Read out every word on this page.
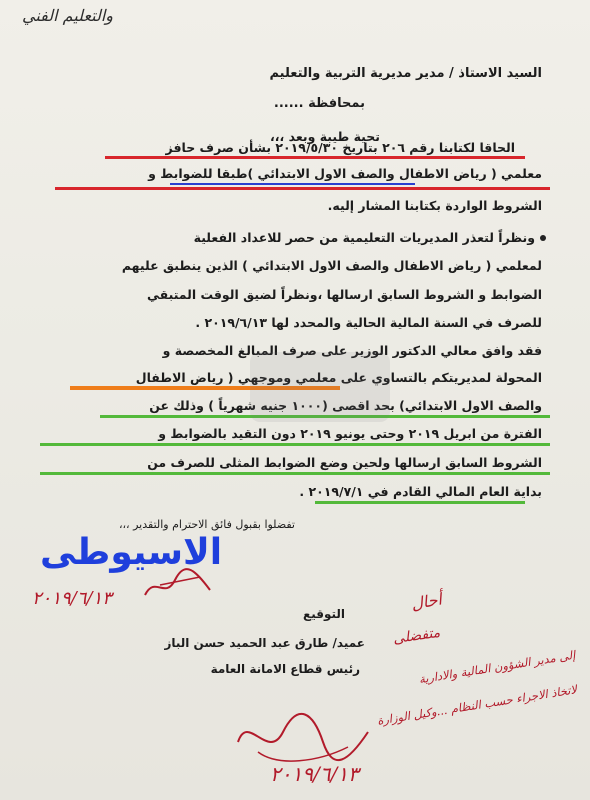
والتعليم الفني
السيد الاستاذ / مدير مديرية التربية والتعليم
بمحافظة ......
تحية طيبة وبعد ،،،
الحاقا لكتابنا رقم ٢٠٦ بتاريخ ٢٠١٩/٥/٣٠ بشأن صرف حافز
معلمي ( رياض الاطفال والصف الاول الابتدائي )طبقا للضوابط و
الشروط الواردة بكتابنا المشار إليه.
ونظراً لتعذر المديريات التعليمية من حصر للاعداد الفعلية
لمعلمي ( رياض الاطفال والصف الاول الابتدائي ) الذين ينطبق عليهم
الضوابط و الشروط السابق ارسالها ،ونظراً لضيق الوقت المتبقي
للصرف في السنة المالية الحالية والمحدد لها ٢٠١٩/٦/١٣ .
فقد وافق معالي الدكتور الوزير على صرف المبالغ المخصصة و
المحولة لمديريتكم بالتساوي على معلمي وموجهي ( رياض الاطفال
والصف الاول الابتدائي) بحد اقصى (١٠٠٠ جنيه شهرياً ) وذلك عن
الفترة من ابريل ٢٠١٩ وحتى يونيو ٢٠١٩ دون التقيد بالضوابط و
الشروط السابق ارسالها ولحين وضع الضوابط المثلى للصرف من
بداية العام المالي القادم في ٢٠١٩/٧/١ .
تفضلوا بقبول فائق الاحترام والتقدير ،،،
الاسيوطى
٢٠١٩/٦/١٣
التوقيع
عميد/ طارق عبد الحميد حسن الباز
رئيس قطاع الامانة العامة
أحال
متفضلى
إلى مدير الشؤون المالية والادارية
لاتخاذ الاجراء حسب النظام ...وكيل الوزارة
٢٠١٩/٦/١٣
